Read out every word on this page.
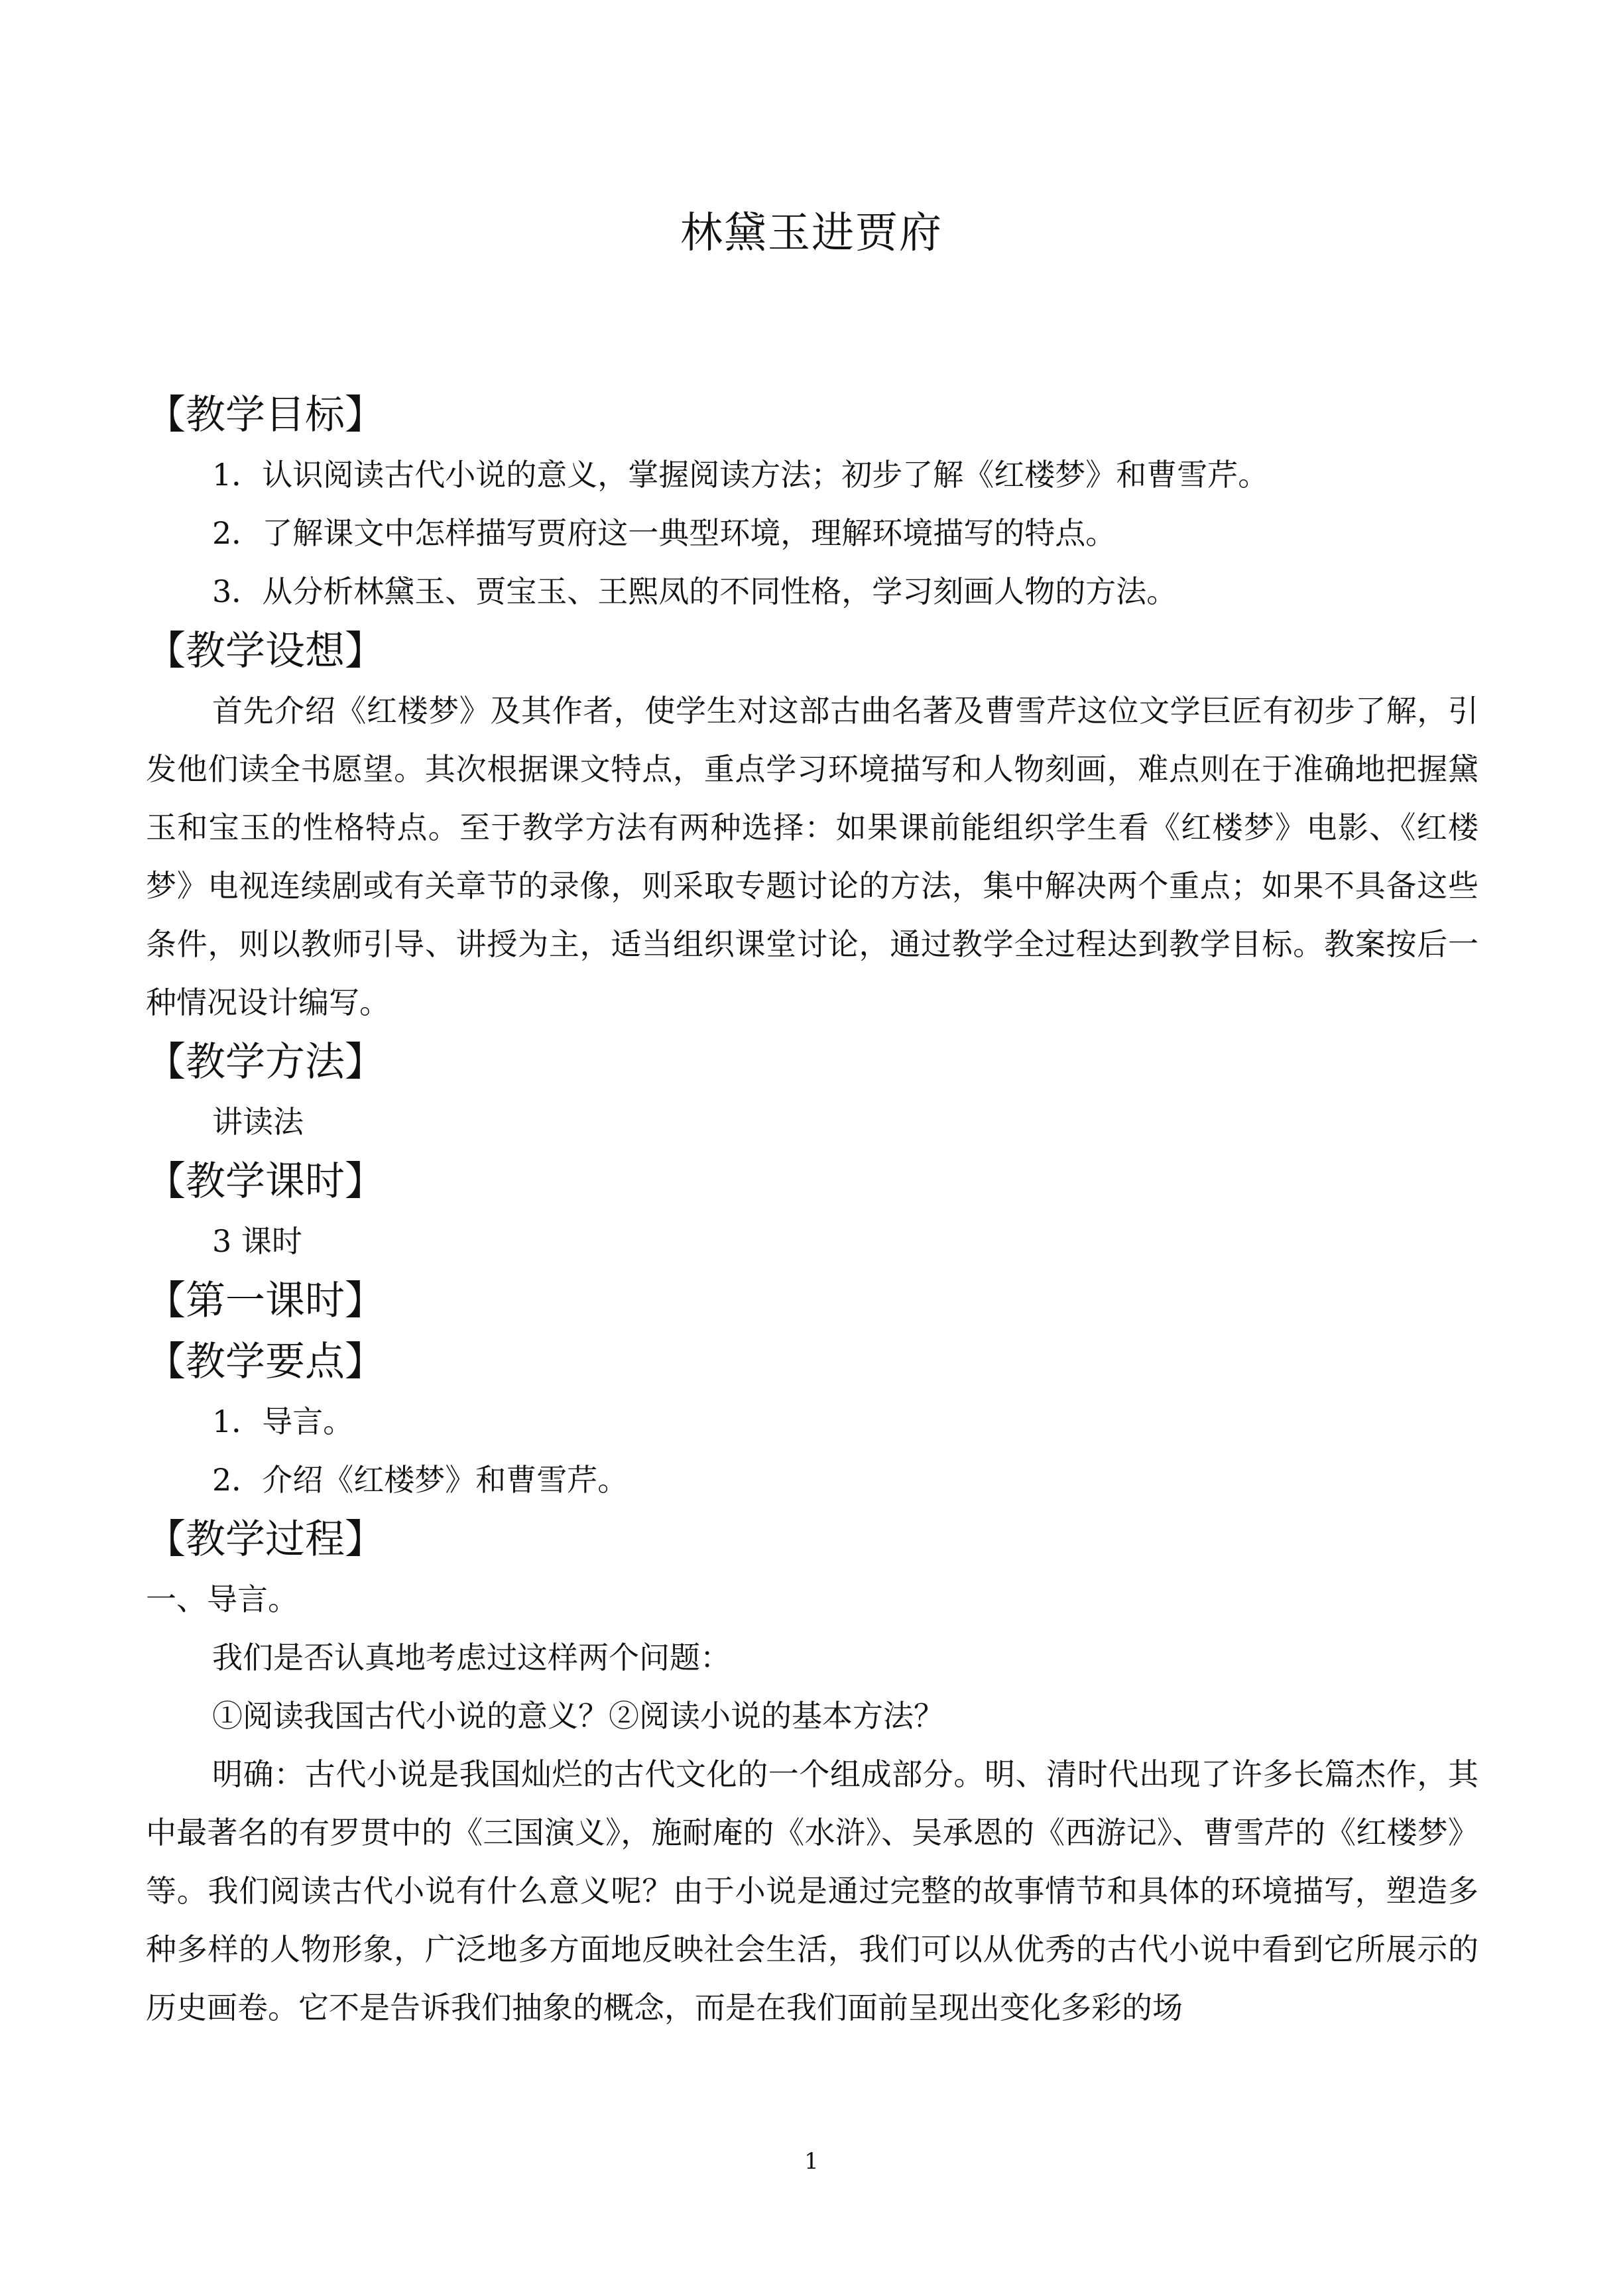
林黛玉进贾府
【教学目标】
1．认识阅读古代小说的意义，掌握阅读方法；初步了解《红楼梦》和曹雪芹。
2．了解课文中怎样描写贾府这一典型环境，理解环境描写的特点。
3．从分析林黛玉、贾宝玉、王熙凤的不同性格，学习刻画人物的方法。
【教学设想】

首先介绍《红楼梦》及其作者，使学生对这部古曲名著及曹雪芹这位文学巨匠有初步了解，引发他们读全书愿望。其次根据课文特点，重点学习环境描写和人物刻画，难点则在于准确地把握黛玉和宝玉的性格特点。至于教学方法有两种选择：如果课前能组织学生看《红楼梦》电影、《红楼梦》电视连续剧或有关章节的录像，则采取专题讨论的方法，集中解决两个重点；如果不具备这些条件，则以教师引导、讲授为主，适当组织课堂讨论，通过教学全过程达到教学目标。教案按后一种情况设计编写。

【教学方法】
讲读法
【教学课时】
3 课时
【第一课时】
【教学要点】
1．导言。
2．介绍《红楼梦》和曹雪芹。
【教学过程】
一、导言。
我们是否认真地考虑过这样两个问题：
①阅读我国古代小说的意义？②阅读小说的基本方法？

明确：古代小说是我国灿烂的古代文化的一个组成部分。明、清时代出现了许多长篇杰作，其中最著名的有罗贯中的《三国演义》，施耐庵的《水浒》、吴承恩的《西游记》、曹雪芹的《红楼梦》等。我们阅读古代小说有什么意义呢？由于小说是通过完整的故事情节和具体的环境描写，塑造多种多样的人物形象，广泛地多方面地反映社会生活，我们可以从优秀的古代小说中看到它所展示的历史画卷。它不是告诉我们抽象的概念，而是在我们面前呈现出变化多彩的场

1
